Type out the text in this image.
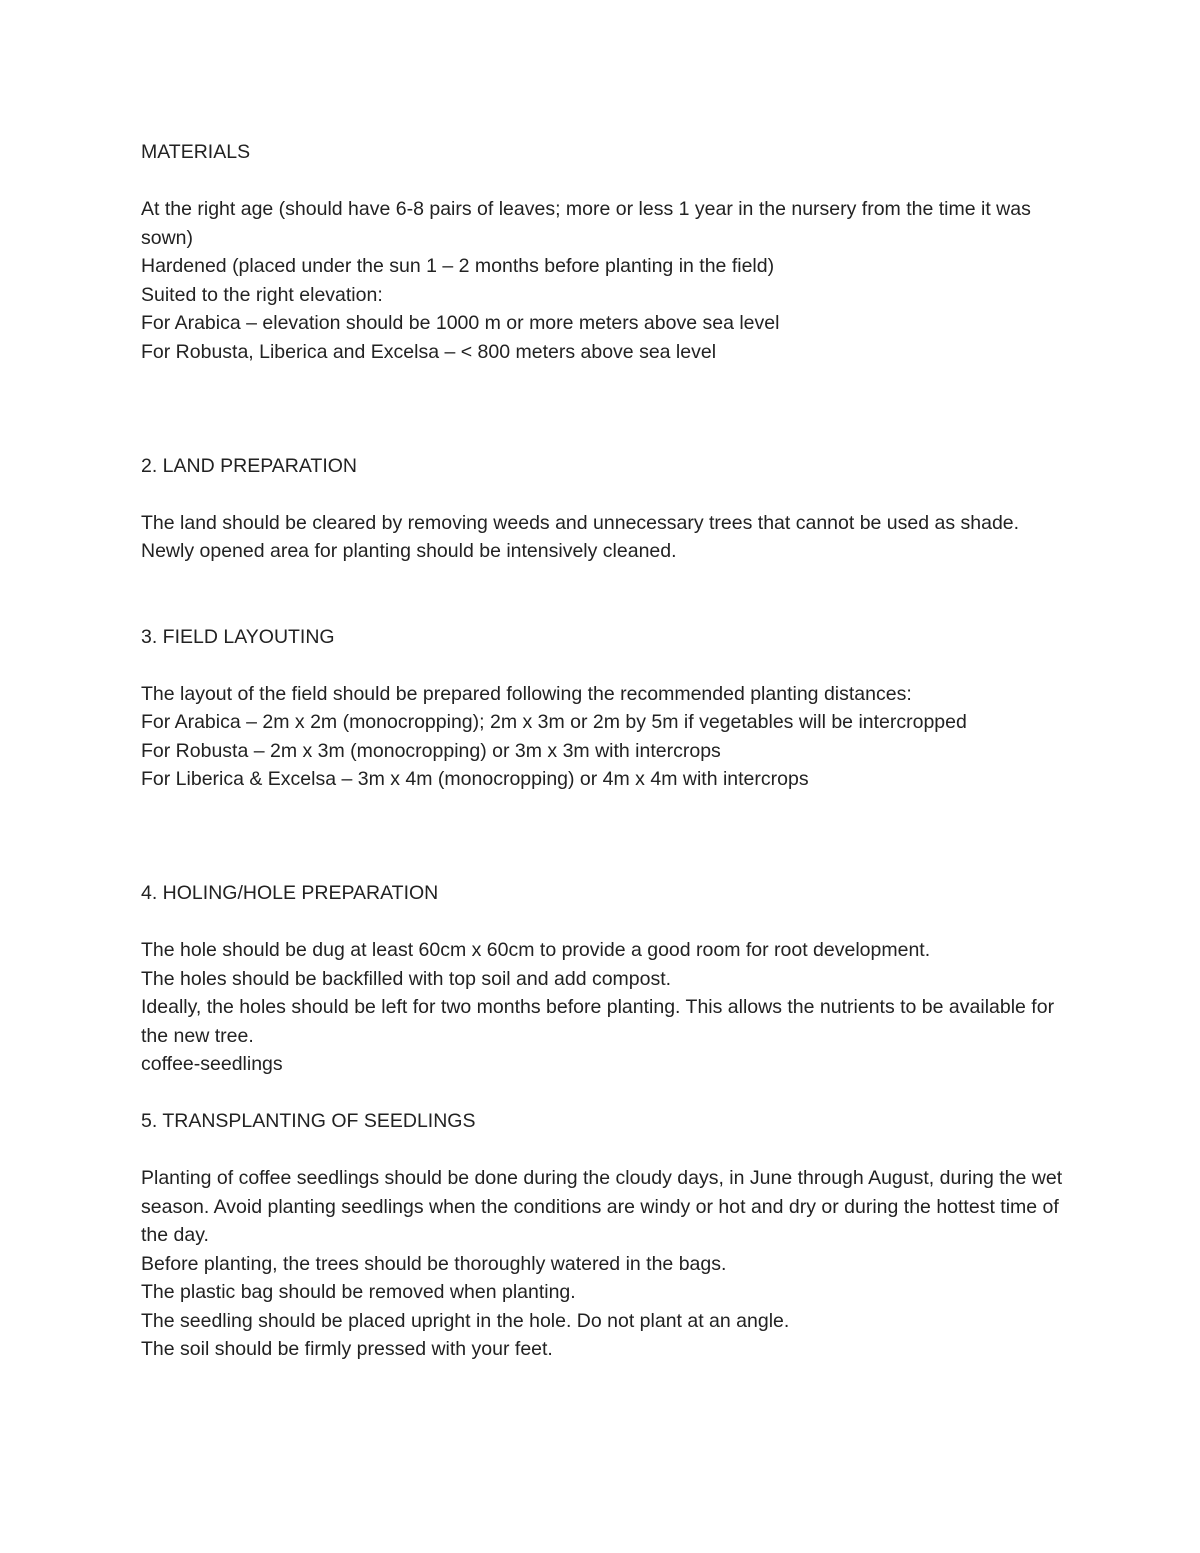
MATERIALS
At the right age (should have 6-8 pairs of leaves; more or less 1 year in the nursery from the time it was sown)
Hardened (placed under the sun 1 – 2 months before planting in the field)
Suited to the right elevation:
For Arabica – elevation should be 1000 m or more meters above sea level
For Robusta, Liberica and Excelsa – < 800 meters above sea level
2. LAND PREPARATION
The land should be cleared by removing weeds and unnecessary trees that cannot be used as shade.
Newly opened area for planting should be intensively cleaned.
3. FIELD LAYOUTING
The layout of the field should be prepared following the recommended planting distances:
For Arabica – 2m x 2m (monocropping); 2m x 3m or 2m by 5m if vegetables will be intercropped
For Robusta – 2m x 3m (monocropping) or 3m x 3m with intercrops
For Liberica & Excelsa – 3m x 4m (monocropping) or 4m x 4m with intercrops
4. HOLING/HOLE PREPARATION
The hole should be dug at least 60cm x 60cm to provide a good room for root development.
The holes should be backfilled with top soil and add compost.
Ideally, the holes should be left for two months before planting. This allows the nutrients to be available for the new tree.
coffee-seedlings
5. TRANSPLANTING OF SEEDLINGS
Planting of coffee seedlings should be done during the cloudy days, in June through August, during the wet season. Avoid planting seedlings when the conditions are windy or hot and dry or during the hottest time of the day.
Before planting, the trees should be thoroughly watered in the bags.
The plastic bag should be removed when planting.
The seedling should be placed upright in the hole. Do not plant at an angle.
The soil should be firmly pressed with your feet.
